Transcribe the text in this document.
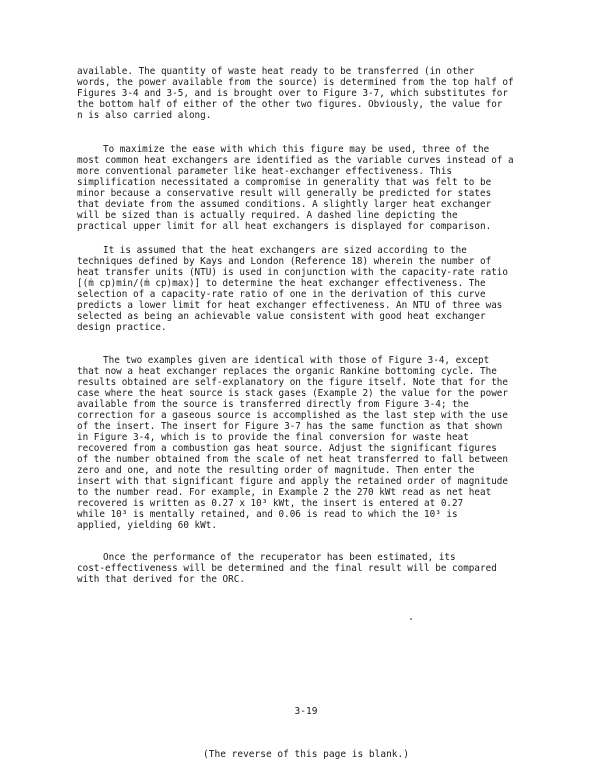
available. The quantity of waste heat ready to be transferred (in other
words, the power available from the source) is determined from the top half of
Figures 3-4 and 3-5, and is brought over to Figure 3-7, which substitutes for
the bottom half of either of the other two figures. Obviously, the value for
n is also carried along.
To maximize the ease with which this figure may be used, three of the
most common heat exchangers are identified as the variable curves instead of a
more conventional parameter like heat-exchanger effectiveness. This
simplification necessitated a compromise in generality that was felt to be
minor because a conservative result will generally be predicted for states
that deviate from the assumed conditions. A slightly larger heat exchanger
will be sized than is actually required. A dashed line depicting the
practical upper limit for all heat exchangers is displayed for comparison.
It is assumed that the heat exchangers are sized according to the
techniques defined by Kays and London (Reference 18) wherein the number of
heat transfer units (NTU) is used in conjunction with the capacity-rate ratio
[(ṁ cp)min/(ṁ cp)max)] to determine the heat exchanger effectiveness. The
selection of a capacity-rate ratio of one in the derivation of this curve
predicts a lower limit for heat exchanger effectiveness. An NTU of three was
selected as being an achievable value consistent with good heat exchanger
design practice.
The two examples given are identical with those of Figure 3-4, except
that now a heat exchanger replaces the organic Rankine bottoming cycle. The
results obtained are self-explanatory on the figure itself. Note that for the
case where the heat source is stack gases (Example 2) the value for the power
available from the source is transferred directly from Figure 3-4; the
correction for a gaseous source is accomplished as the last step with the use
of the insert. The insert for Figure 3-7 has the same function as that shown
in Figure 3-4, which is to provide the final conversion for waste heat
recovered from a combustion gas heat source. Adjust the significant figures
of the number obtained from the scale of net heat transferred to fall between
zero and one, and note the resulting order of magnitude. Then enter the
insert with that significant figure and apply the retained order of magnitude
to the number read. For example, in Example 2 the 270 kWt read as net heat
recovered is written as 0.27 x 10³ kWt, the insert is entered at 0.27
while 10³ is mentally retained, and 0.06 is read to which the 10³ is
applied, yielding 60 kWt.
Once the performance of the recuperator has been estimated, its
cost-effectiveness will be determined and the final result will be compared
with that derived for the ORC.
3-19
(The reverse of this page is blank.)
